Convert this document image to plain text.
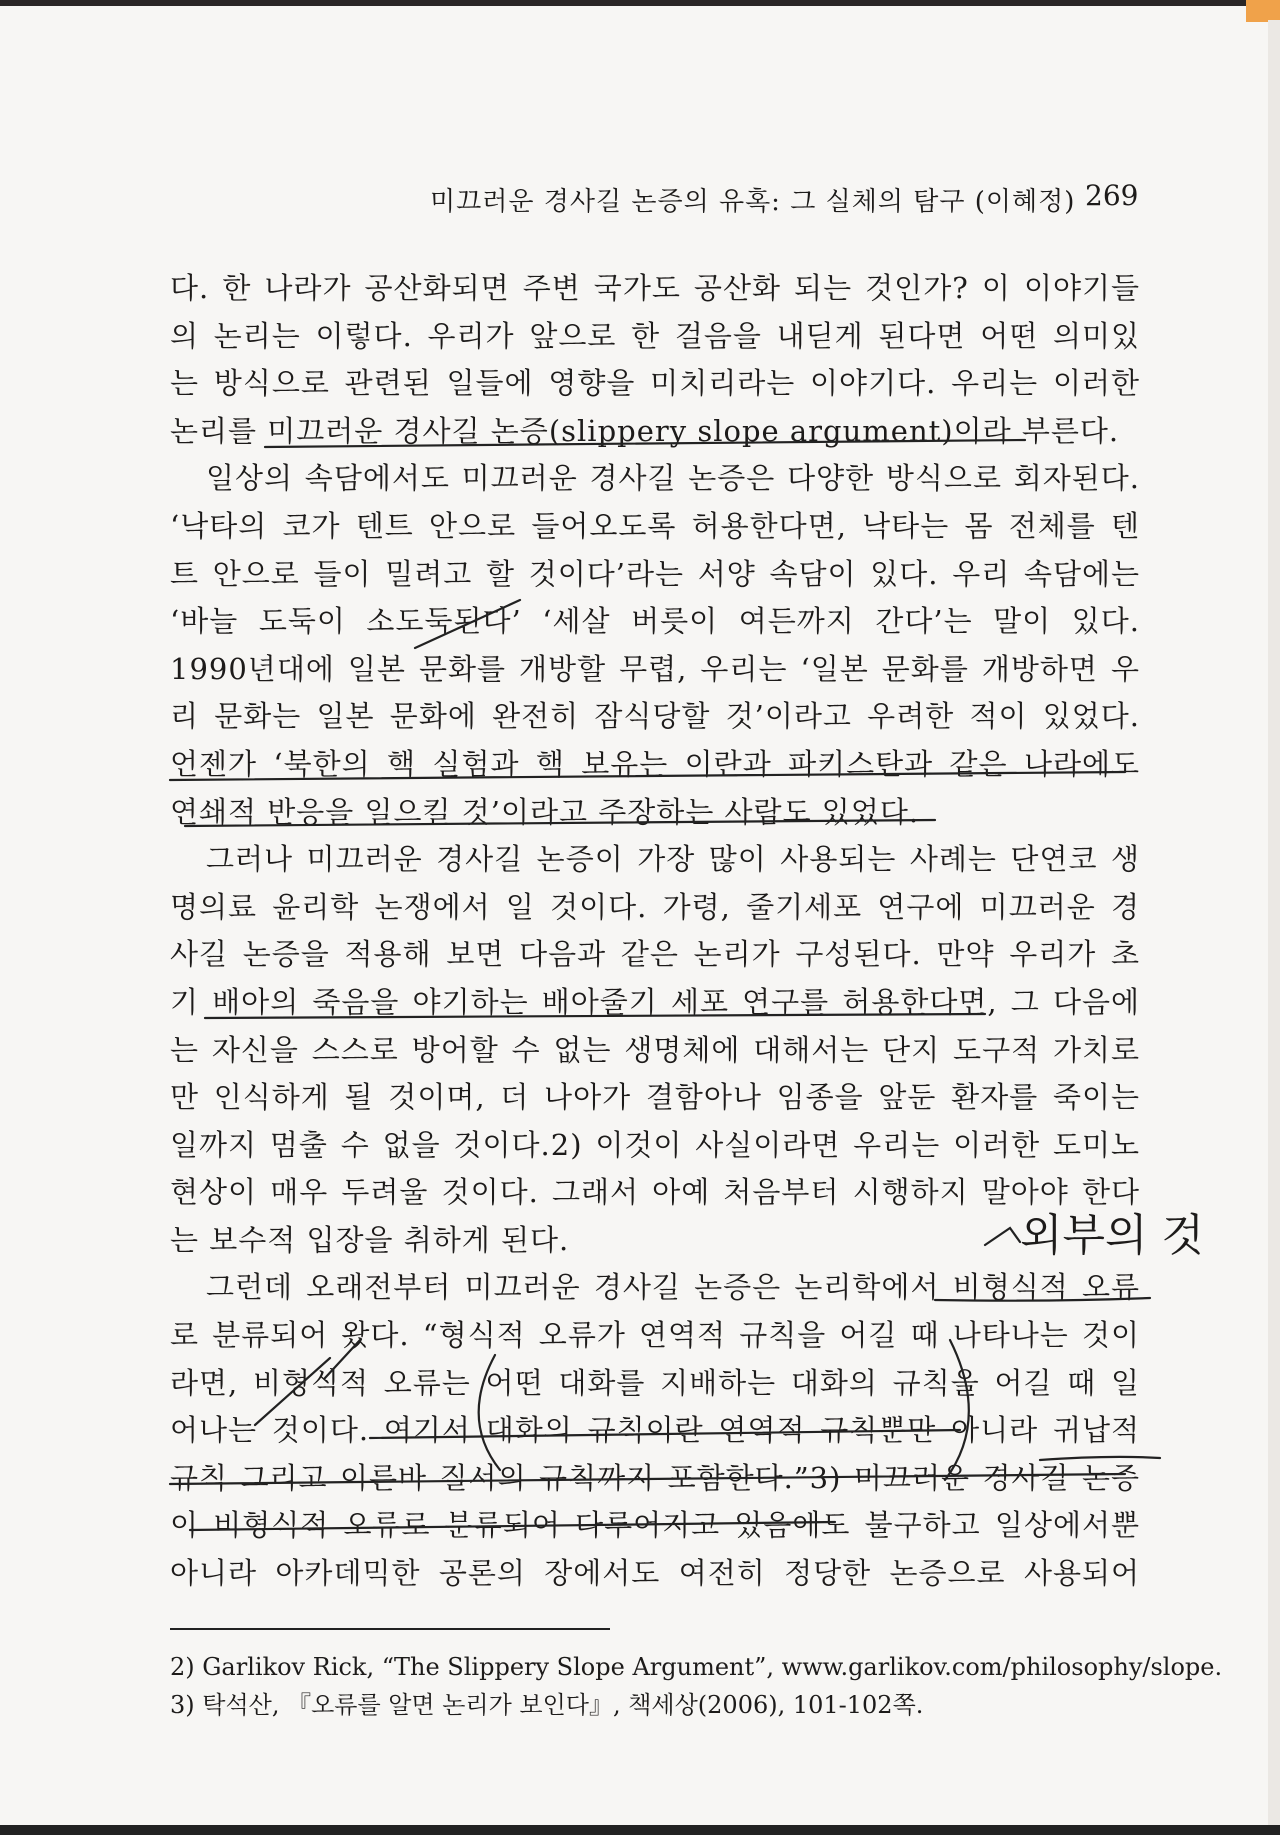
미끄러운 경사길 논증의 유혹: 그 실체의 탐구 (이혜정) 269
다. 한 나라가 공산화되면 주변 국가도 공산화 되는 것인가? 이 이야기들
의 논리는 이렇다. 우리가 앞으로 한 걸음을 내딛게 된다면 어떤 의미있
는 방식으로 관련된 일들에 영향을 미치리라는 이야기다. 우리는 이러한
논리를 미끄러운 경사길 논증(slippery slope argument)이라 부른다.
일상의 속담에서도 미끄러운 경사길 논증은 다양한 방식으로 회자된다.
‘낙타의 코가 텐트 안으로 들어오도록 허용한다면, 낙타는 몸 전체를 텐
트 안으로 들이 밀려고 할 것이다’라는 서양 속담이 있다. 우리 속담에는
‘바늘 도둑이 소도둑된다’ ‘세살 버릇이 여든까지 간다’는 말이 있다.
1990년대에 일본 문화를 개방할 무렵, 우리는 ‘일본 문화를 개방하면 우
리 문화는 일본 문화에 완전히 잠식당할 것’이라고 우려한 적이 있었다.
언젠가 ‘북한의 핵 실험과 핵 보유는 이란과 파키스탄과 같은 나라에도
연쇄적 반응을 일으킬 것’이라고 주장하는 사람도 있었다.
그러나 미끄러운 경사길 논증이 가장 많이 사용되는 사례는 단연코 생
명의료 윤리학 논쟁에서 일 것이다. 가령, 줄기세포 연구에 미끄러운 경
사길 논증을 적용해 보면 다음과 같은 논리가 구성된다. 만약 우리가 초
기 배아의 죽음을 야기하는 배아줄기 세포 연구를 허용한다면, 그 다음에
는 자신을 스스로 방어할 수 없는 생명체에 대해서는 단지 도구적 가치로
만 인식하게 될 것이며, 더 나아가 결함아나 임종을 앞둔 환자를 죽이는
일까지 멈출 수 없을 것이다.2) 이것이 사실이라면 우리는 이러한 도미노
현상이 매우 두려울 것이다. 그래서 아예 처음부터 시행하지 말아야 한다
는 보수적 입장을 취하게 된다.
그런데 오래전부터 미끄러운 경사길 논증은 논리학에서 비형식적 오류
로 분류되어 왔다. “형식적 오류가 연역적 규칙을 어길 때 나타나는 것이
라면, 비형식적 오류는 어떤 대화를 지배하는 대화의 규칙을 어길 때 일
어나는 것이다. 여기서 대화의 규칙이란 연역적 규칙뿐만 아니라 귀납적
규칙 그리고 이른바 질서의 규칙까지 포함한다.”3) 미끄러운 경사길 논증
이 비형식적 오류로 분류되어 다루어지고 있음에도 불구하고 일상에서뿐
아니라 아카데믹한 공론의 장에서도 여전히 정당한 논증으로 사용되어
2) Garlikov Rick, “The Slippery Slope Argument”, www.garlikov.com/philosophy/slope.
3) 탁석산, 『오류를 알면 논리가 보인다』, 책세상(2006), 101-102쪽.
외부의 것
